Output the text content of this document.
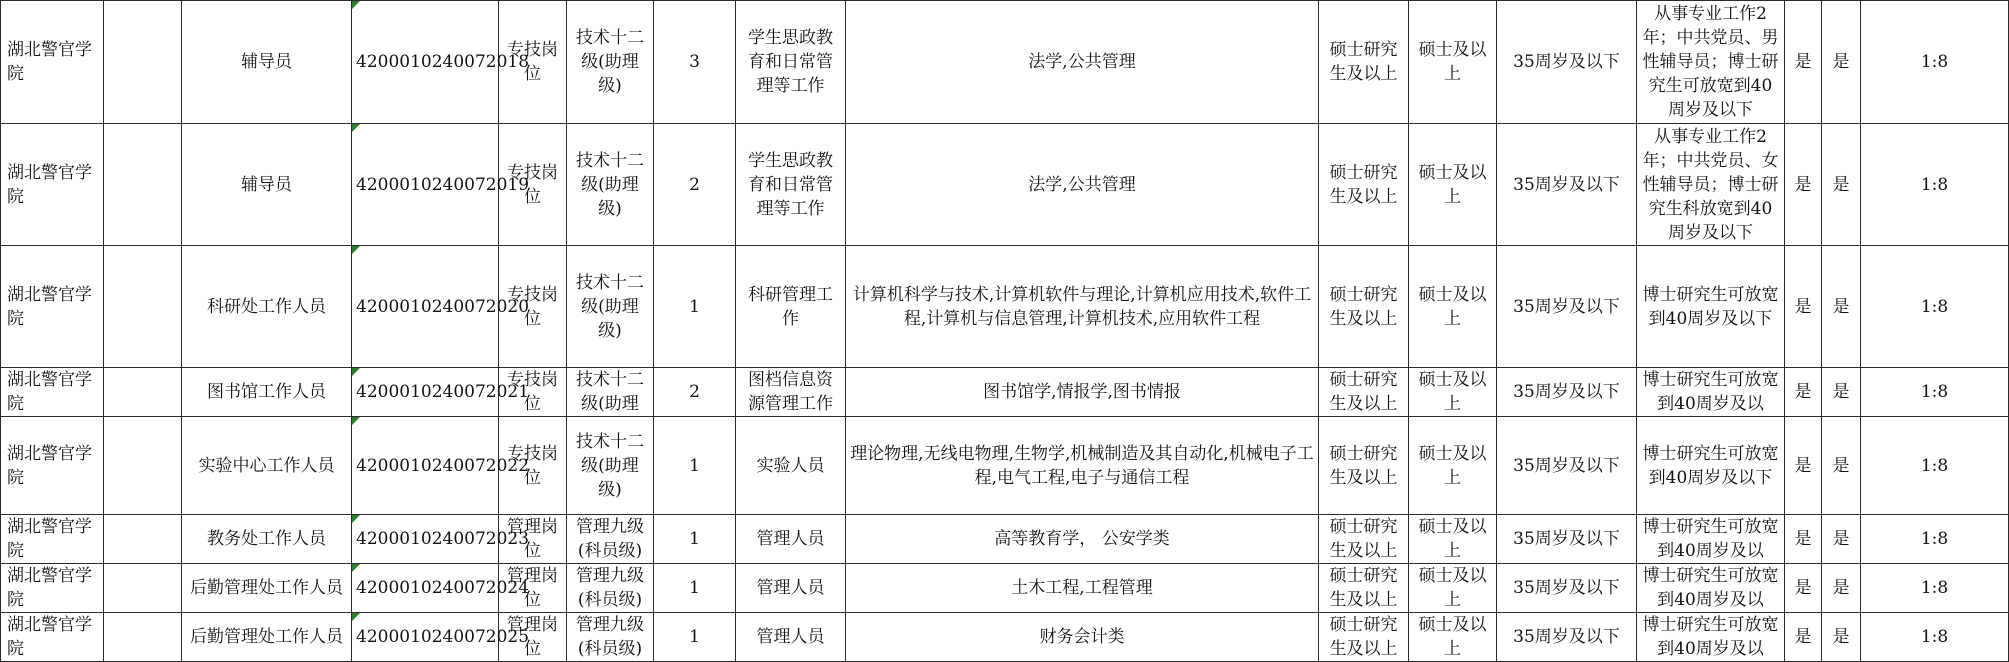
湖北警官学院		辅导员	4200010240072018	专技岗位	技术十二级(助理级)	3	学生思政教育和日常管理等工作	法学,公共管理	硕士研究生及以上	硕士及以上	35周岁及以下	从事专业工作2年；中共党员、男性辅导员；博士研究生可放宽到40周岁及以下	是	是	1:8

湖北警官学院		辅导员	4200010240072019	专技岗位	技术十二级(助理级)	2	学生思政教育和日常管理等工作	法学,公共管理	硕士研究生及以上	硕士及以上	35周岁及以下	从事专业工作2年；中共党员、女性辅导员；博士研究生科放宽到40周岁及以下	是	是	1:8

湖北警官学院		科研处工作人员	4200010240072020	专技岗位	技术十二级(助理级)	1	科研管理工作	计算机科学与技术,计算机软件与理论,计算机应用技术,软件工程,计算机与信息管理,计算机技术,应用软件工程	硕士研究生及以上	硕士及以上	35周岁及以下	博士研究生可放宽到40周岁及以下	是	是	1:8

湖北警官学院		图书馆工作人员	4200010240072021	专技岗位	技术十二级(助理	2	图档信息资源管理工作	图书馆学,情报学,图书情报	硕士研究生及以上	硕士及以上	35周岁及以下	博士研究生可放宽到40周岁及以	是	是	1:8

湖北警官学院		实验中心工作人员	4200010240072022	专技岗位	技术十二级(助理级)	1	实验人员	理论物理,无线电物理,生物学,机械制造及其自动化,机械电子工程,电气工程,电子与通信工程	硕士研究生及以上	硕士及以上	35周岁及以下	博士研究生可放宽到40周岁及以下	是	是	1:8

湖北警官学院		教务处工作人员	4200010240072023	管理岗位	管理九级(科员级)	1	管理人员	高等教育学， 公安学类	硕士研究生及以上	硕士及以上	35周岁及以下	博士研究生可放宽到40周岁及以	是	是	1:8

湖北警官学院		后勤管理处工作人员	4200010240072024	管理岗位	管理九级(科员级)	1	管理人员	土木工程,工程管理	硕士研究生及以上	硕士及以上	35周岁及以下	博士研究生可放宽到40周岁及以	是	是	1:8

湖北警官学院		后勤管理处工作人员	4200010240072025	管理岗位	管理九级(科员级)	1	管理人员	财务会计类	硕士研究生及以上	硕士及以上	35周岁及以下	博士研究生可放宽到40周岁及以	是	是	1:8
